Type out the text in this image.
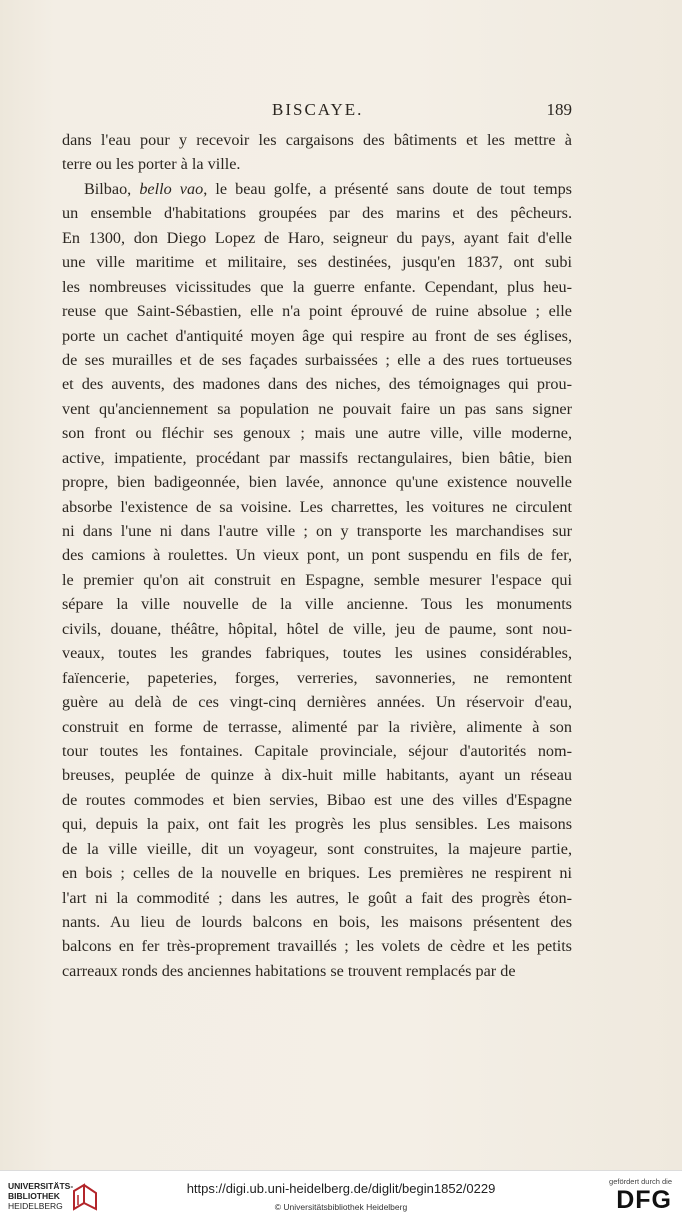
BISCAYE.	189
dans l'eau pour y recevoir les cargaisons des bâtiments et les mettre à
terre ou les porter à la ville.
Bilbao, bello vao, le beau golfe, a présenté sans doute de tout temps
un ensemble d'habitations groupées par des marins et des pêcheurs.
En 1300, don Diego Lopez de Haro, seigneur du pays, ayant fait d'elle
une ville maritime et militaire, ses destinées, jusqu'en 1837, ont subi
les nombreuses vicissitudes que la guerre enfante. Cependant, plus heu-
reuse que Saint-Sébastien, elle n'a point éprouvé de ruine absolue ; elle
porte un cachet d'antiquité moyen âge qui respire au front de ses églises,
de ses murailles et de ses façades surbaissées ; elle a des rues tortueuses
et des auvents, des madones dans des niches, des témoignages qui prou-
vent qu'anciennement sa population ne pouvait faire un pas sans signer
son front ou fléchir ses genoux ; mais une autre ville, ville moderne,
active, impatiente, procédant par massifs rectangulaires, bien bâtie, bien
propre, bien badigeonnée, bien lavée, annonce qu'une existence nouvelle
absorbe l'existence de sa voisine. Les charrettes, les voitures ne circulent
ni dans l'une ni dans l'autre ville ; on y transporte les marchandises sur
des camions à roulettes. Un vieux pont, un pont suspendu en fils de fer,
le premier qu'on ait construit en Espagne, semble mesurer l'espace qui
sépare la ville nouvelle de la ville ancienne. Tous les monuments
civils, douane, théâtre, hôpital, hôtel de ville, jeu de paume, sont nou-
veaux, toutes les grandes fabriques, toutes les usines considérables,
faïencerie, papeteries, forges, verreries, savonneries, ne remontent
guère au delà de ces vingt-cinq dernières années. Un réservoir d'eau,
construit en forme de terrasse, alimenté par la rivière, alimente à son
tour toutes les fontaines. Capitale provinciale, séjour d'autorités nom-
breuses, peuplée de quinze à dix-huit mille habitants, ayant un réseau
de routes commodes et bien servies, Bibao est une des villes d'Espagne
qui, depuis la paix, ont fait les progrès les plus sensibles. Les maisons
de la ville vieille, dit un voyageur, sont construites, la majeure partie,
en bois ; celles de la nouvelle en briques. Les premières ne respirent ni
l'art ni la commodité ; dans les autres, le goût a fait des progrès éton-
nants. Au lieu de lourds balcons en bois, les maisons présentent des
balcons en fer très-proprement travaillés ; les volets de cèdre et les petits
carreaux ronds des anciennes habitations se trouvent remplacés par de
UNIVERSITÄTS-
BIBLIOTHEK
HEIDELBERG
https://digi.ub.uni-heidelberg.de/diglit/begin1852/0229
© Universitätsbibliothek Heidelberg
gefördert durch die
DFG
